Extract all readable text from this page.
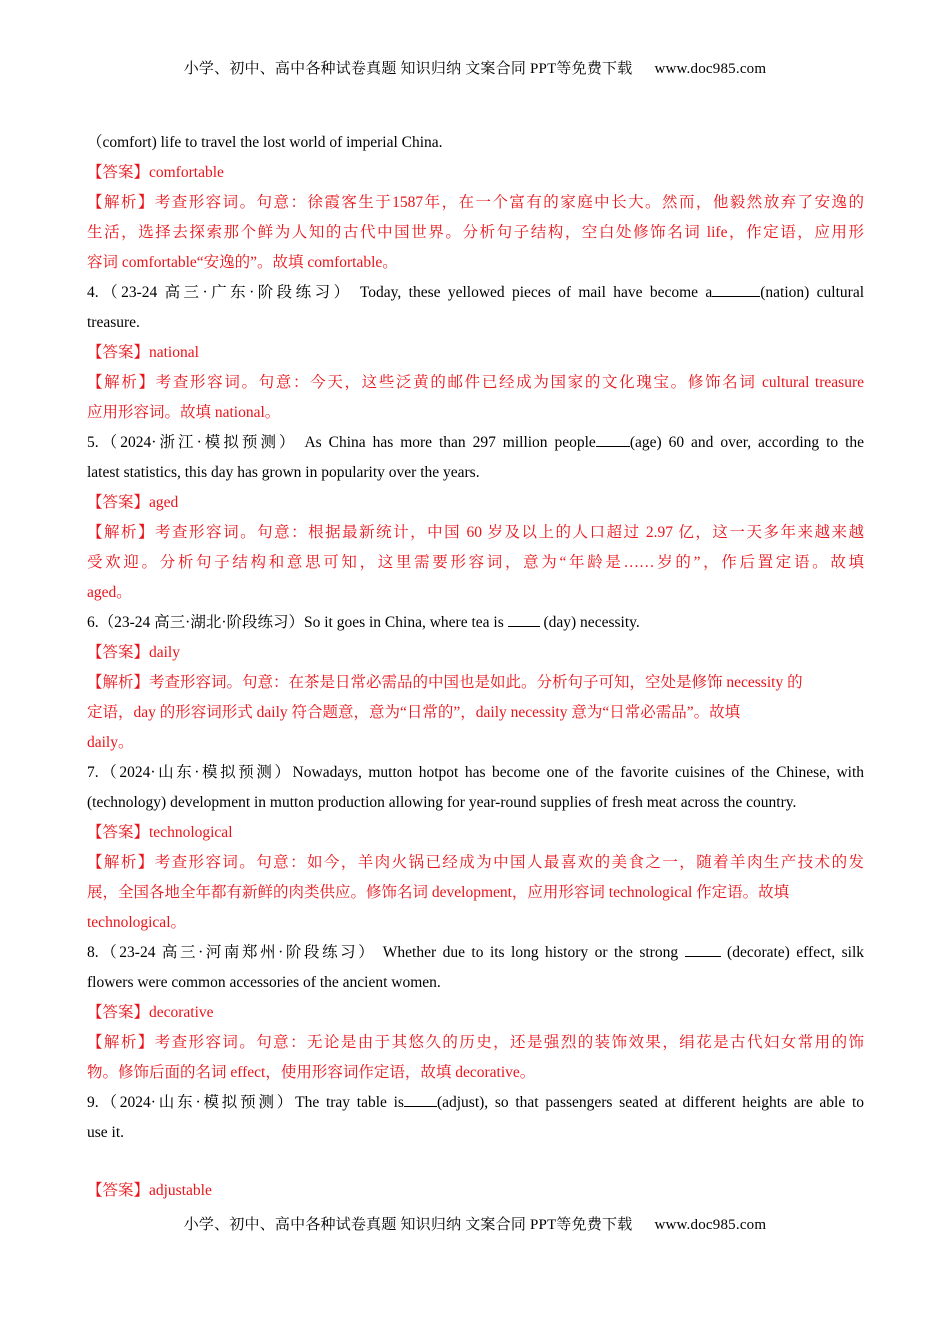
小学、初中、高中各种试卷真题 知识归纳 文案合同 PPT等免费下载 www.doc985.com
（comfort) life to travel the lost world of imperial China.
【答案】comfortable
【解析】考查形容词。句意：徐霞客生于1587年，在一个富有的家庭中长大。然而，他毅然放弃了安逸的
生活，选择去探索那个鲜为人知的古代中国世界。分析句子结构，空白处修饰名词 life，作定语，应用形
容词 comfortable“安逸的”。故填 comfortable。
4.（23-24 高三·广东·阶段练习） Today, these yellowed pieces of mail have become a	(nation) cultural
treasure.
【答案】national
【解析】考查形容词。句意：今天，这些泛黄的邮件已经成为国家的文化瑰宝。修饰名词 cultural treasure
应用形容词。故填 national。
5.（2024·浙江·模拟预测） As China has more than 297 million people (age) 60 and over, according to the
latest statistics, this day has grown in popularity over the years.
【答案】aged
【解析】考查形容词。句意：根据最新统计，中国 60 岁及以上的人口超过 2.97 亿，这一天多年来越来越
受欢迎。分析句子结构和意思可知，这里需要形容词，意为“年龄是……岁的”，作后置定语。故填
aged。
6.（23-24 高三·湖北·阶段练习）So it goes in China, where tea is	(day) necessity.
【答案】daily
【解析】考查形容词。句意：在茶是日常必需品的中国也是如此。分析句子可知，空处是修饰 necessity 的
定语，day 的形容词形式 daily 符合题意，意为“日常的”，daily necessity 意为“日常必需品”。故填
daily。
7.（2024·山东·模拟预测）Nowadays, mutton hotpot has become one of the favorite cuisines of the Chinese, with
(technology) development in mutton production allowing for year-round supplies of fresh meat across the country.
【答案】technological
【解析】考查形容词。句意：如今，羊肉火锅已经成为中国人最喜欢的美食之一，随着羊肉生产技术的发
展，全国各地全年都有新鲜的肉类供应。修饰名词 development，应用形容词 technological 作定语。故填
technological。
8.（23-24 高三·河南郑州·阶段练习） Whether due to its long history or the strong	(decorate) effect, silk
flowers were common accessories of the ancient women.
【答案】decorative
【解析】考查形容词。句意：无论是由于其悠久的历史，还是强烈的装饰效果，绢花是古代妇女常用的饰
物。修饰后面的名词 effect，使用形容词作定语，故填 decorative。
9.（2024·山东·模拟预测）The tray table is (adjust), so that passengers seated at different heights are able to
use it.
【答案】adjustable
小学、初中、高中各种试卷真题 知识归纳 文案合同 PPT等免费下载 www.doc985.com
